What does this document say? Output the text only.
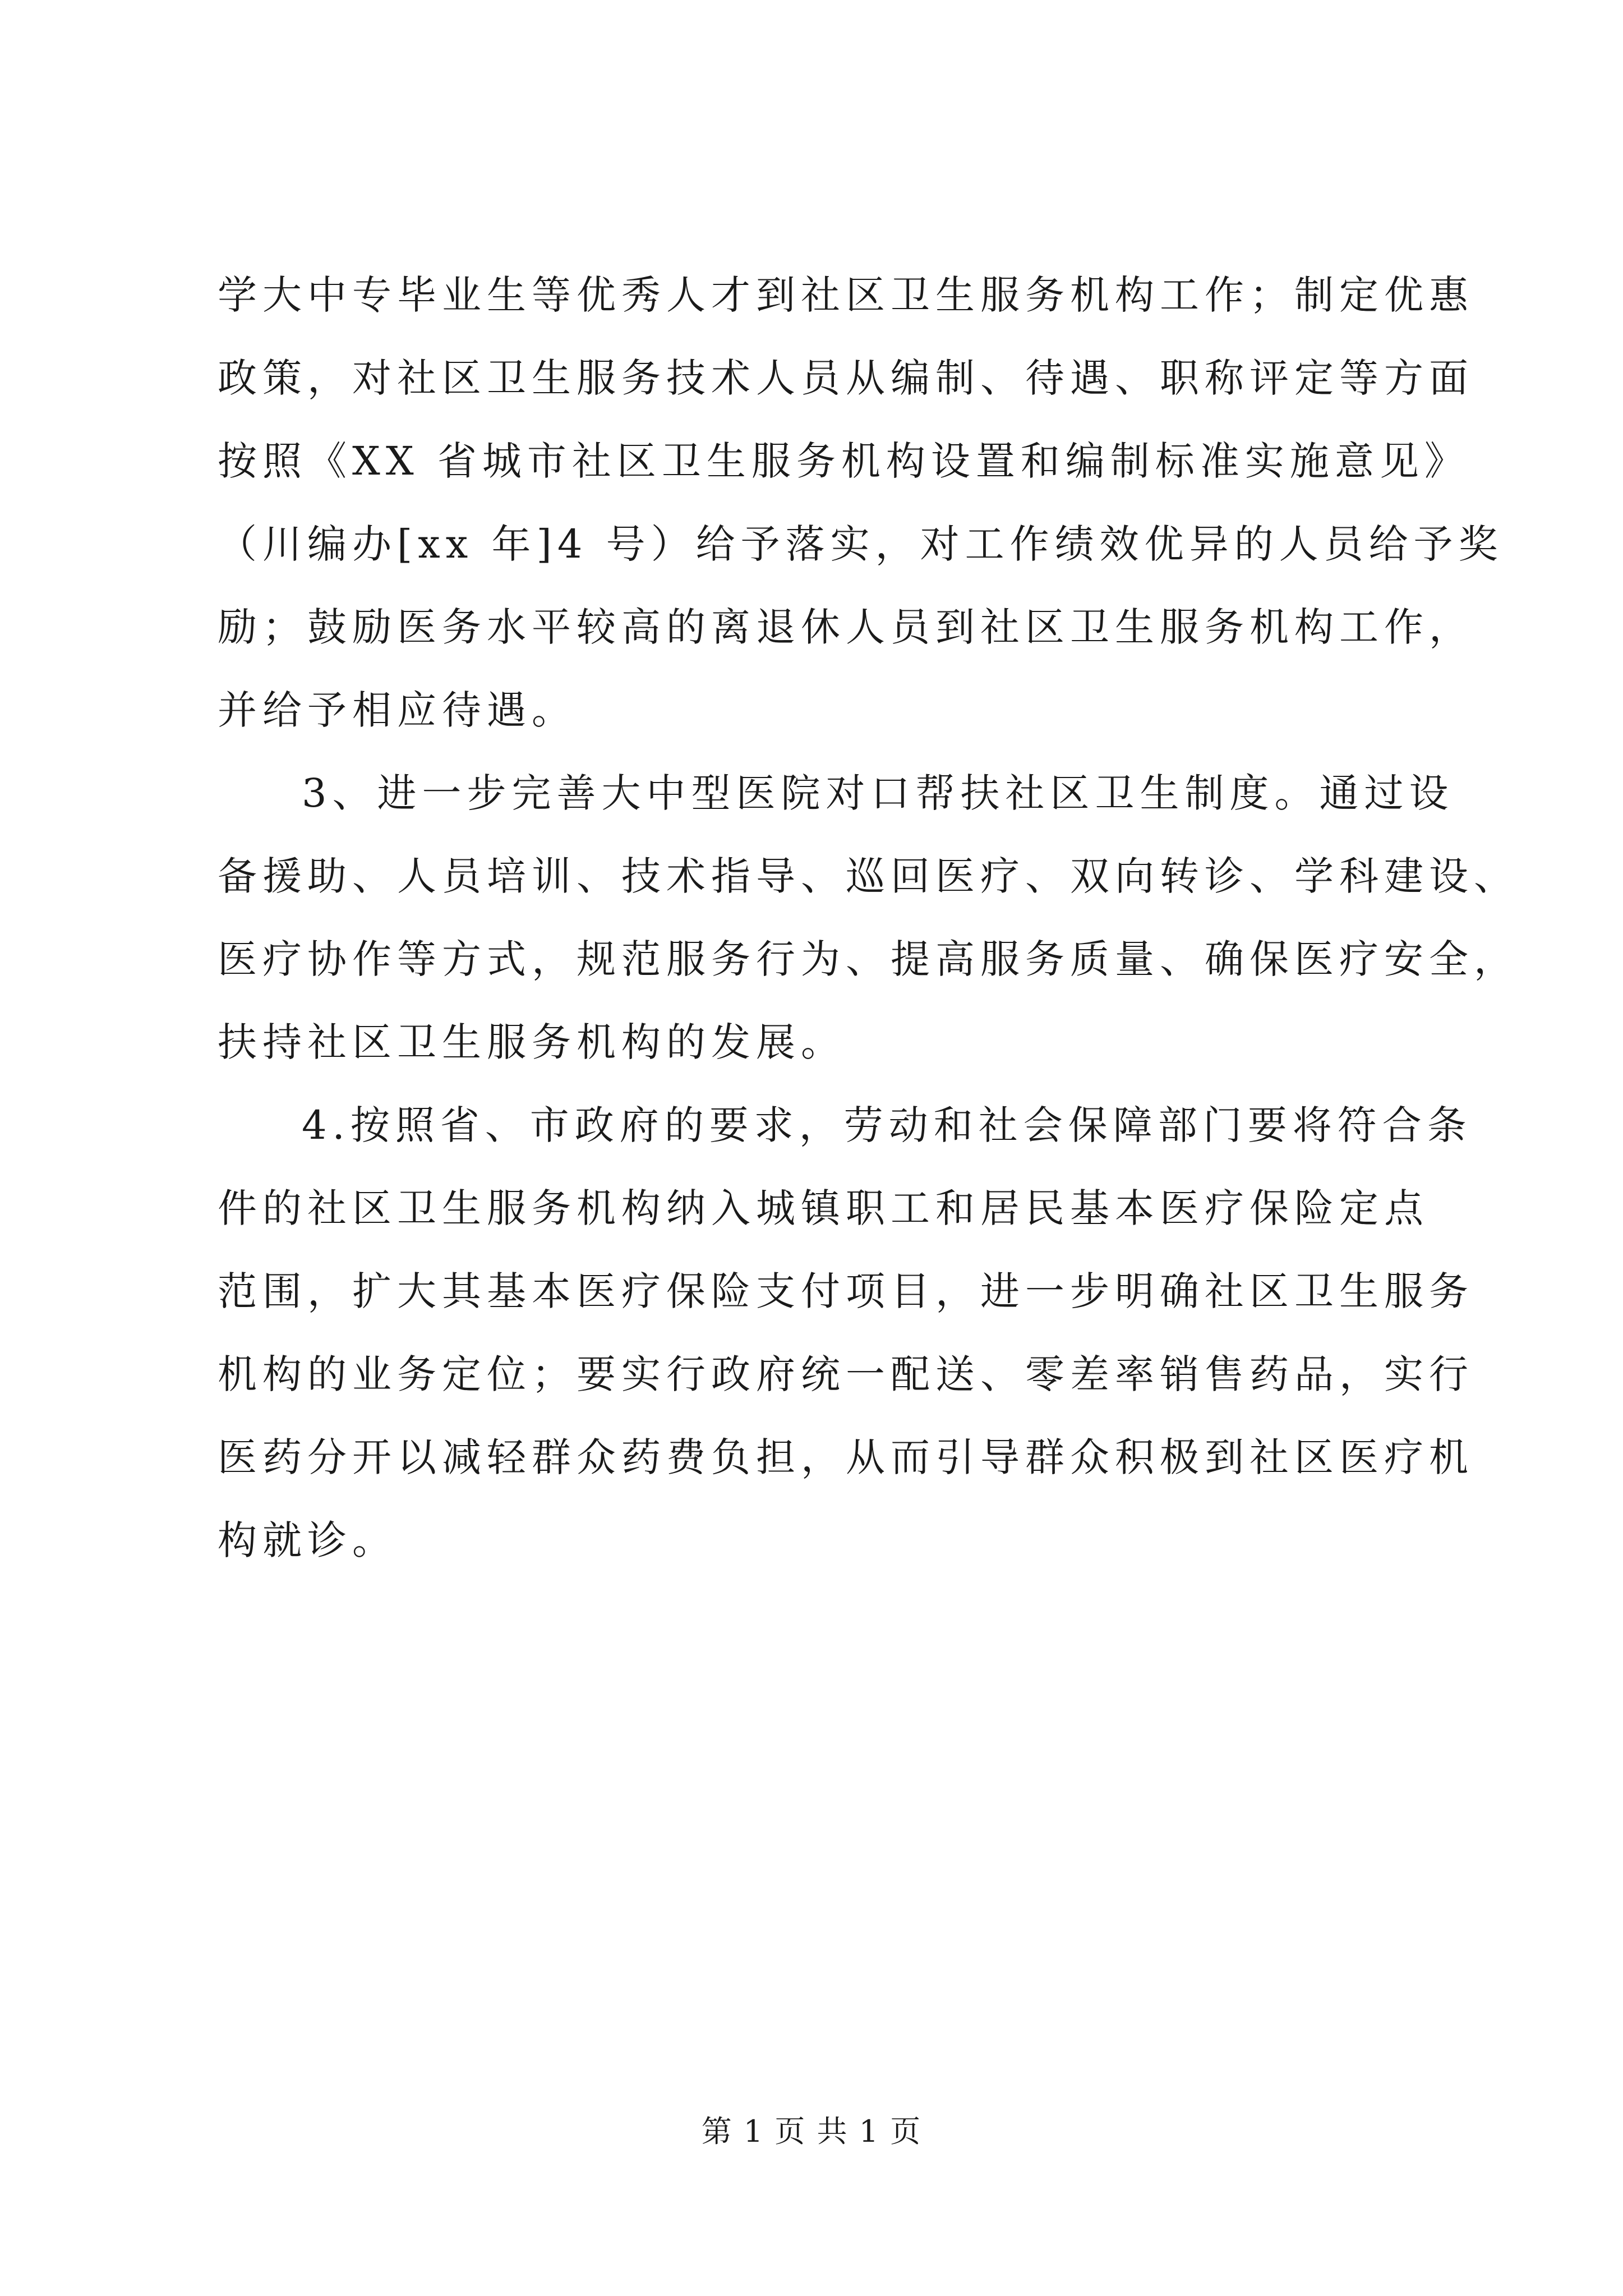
学大中专毕业生等优秀人才到社区卫生服务机构工作；制定优惠
政策，对社区卫生服务技术人员从编制、待遇、职称评定等方面
按照《XX 省城市社区卫生服务机构设置和编制标准实施意见》
（川编办[xx 年]4 号）给予落实，对工作绩效优异的人员给予奖
励；鼓励医务水平较高的离退休人员到社区卫生服务机构工作，
并给予相应待遇。
3、进一步完善大中型医院对口帮扶社区卫生制度。通过设
备援助、人员培训、技术指导、巡回医疗、双向转诊、学科建设、
医疗协作等方式，规范服务行为、提高服务质量、确保医疗安全，
扶持社区卫生服务机构的发展。
4.按照省、市政府的要求，劳动和社会保障部门要将符合条
件的社区卫生服务机构纳入城镇职工和居民基本医疗保险定点
范围，扩大其基本医疗保险支付项目，进一步明确社区卫生服务
机构的业务定位；要实行政府统一配送、零差率销售药品，实行
医药分开以减轻群众药费负担，从而引导群众积极到社区医疗机
构就诊。
第 1 页 共 1 页
